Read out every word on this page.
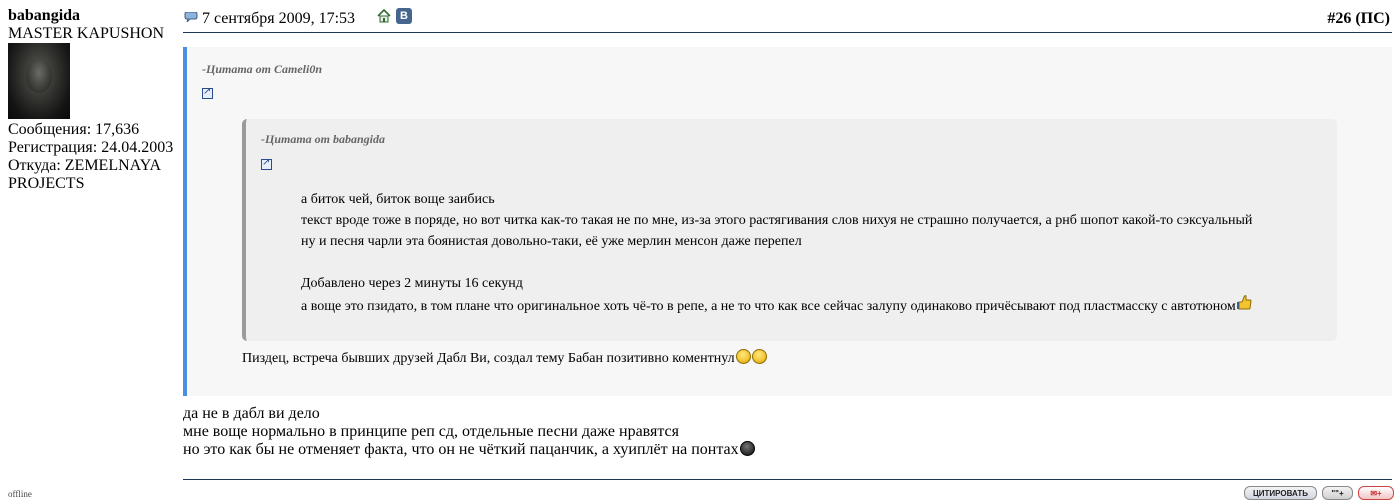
babangida
MASTER KAPUSHON
Сообщения: 17,636
Регистрация: 24.04.2003
Откуда: ZEMELNAYA
PROJECTS
offline
7 сентября 2009, 17:53	В	#26 (ПС)
-Цитата от Cameli0n
↗
-Цитата от babangida
↗
а биток чей, биток воще заибись
текст вроде тоже в поряде, но вот читка как-то такая не по мне, из-за этого растягивания слов нихуя не страшно получается, а рнб шопот какой-то сэксуальный
ну и песня чарли эта боянистая довольно-таки, её уже мерлин менсон даже перепел
Добавлено через 2 минуты 16 секунд
а воще это пзидато, в том плане что оригинальное хоть чё-то в репе, а не то что как все сейчас залупу одинаково причёсывают под пластмасску с автотюном
Пиздец, встреча бывших друзей Дабл Ви, создал тему Бабан позитивно коментнул
да не в дабл ви дело
мне воще нормально в принципе реп сд, отдельные песни даже нравятся
но это как бы не отменяет факта, что он не чёткий пацанчик, а хуиплёт на понтах
ЦИТИРОВАТЬ	""+	✉+
